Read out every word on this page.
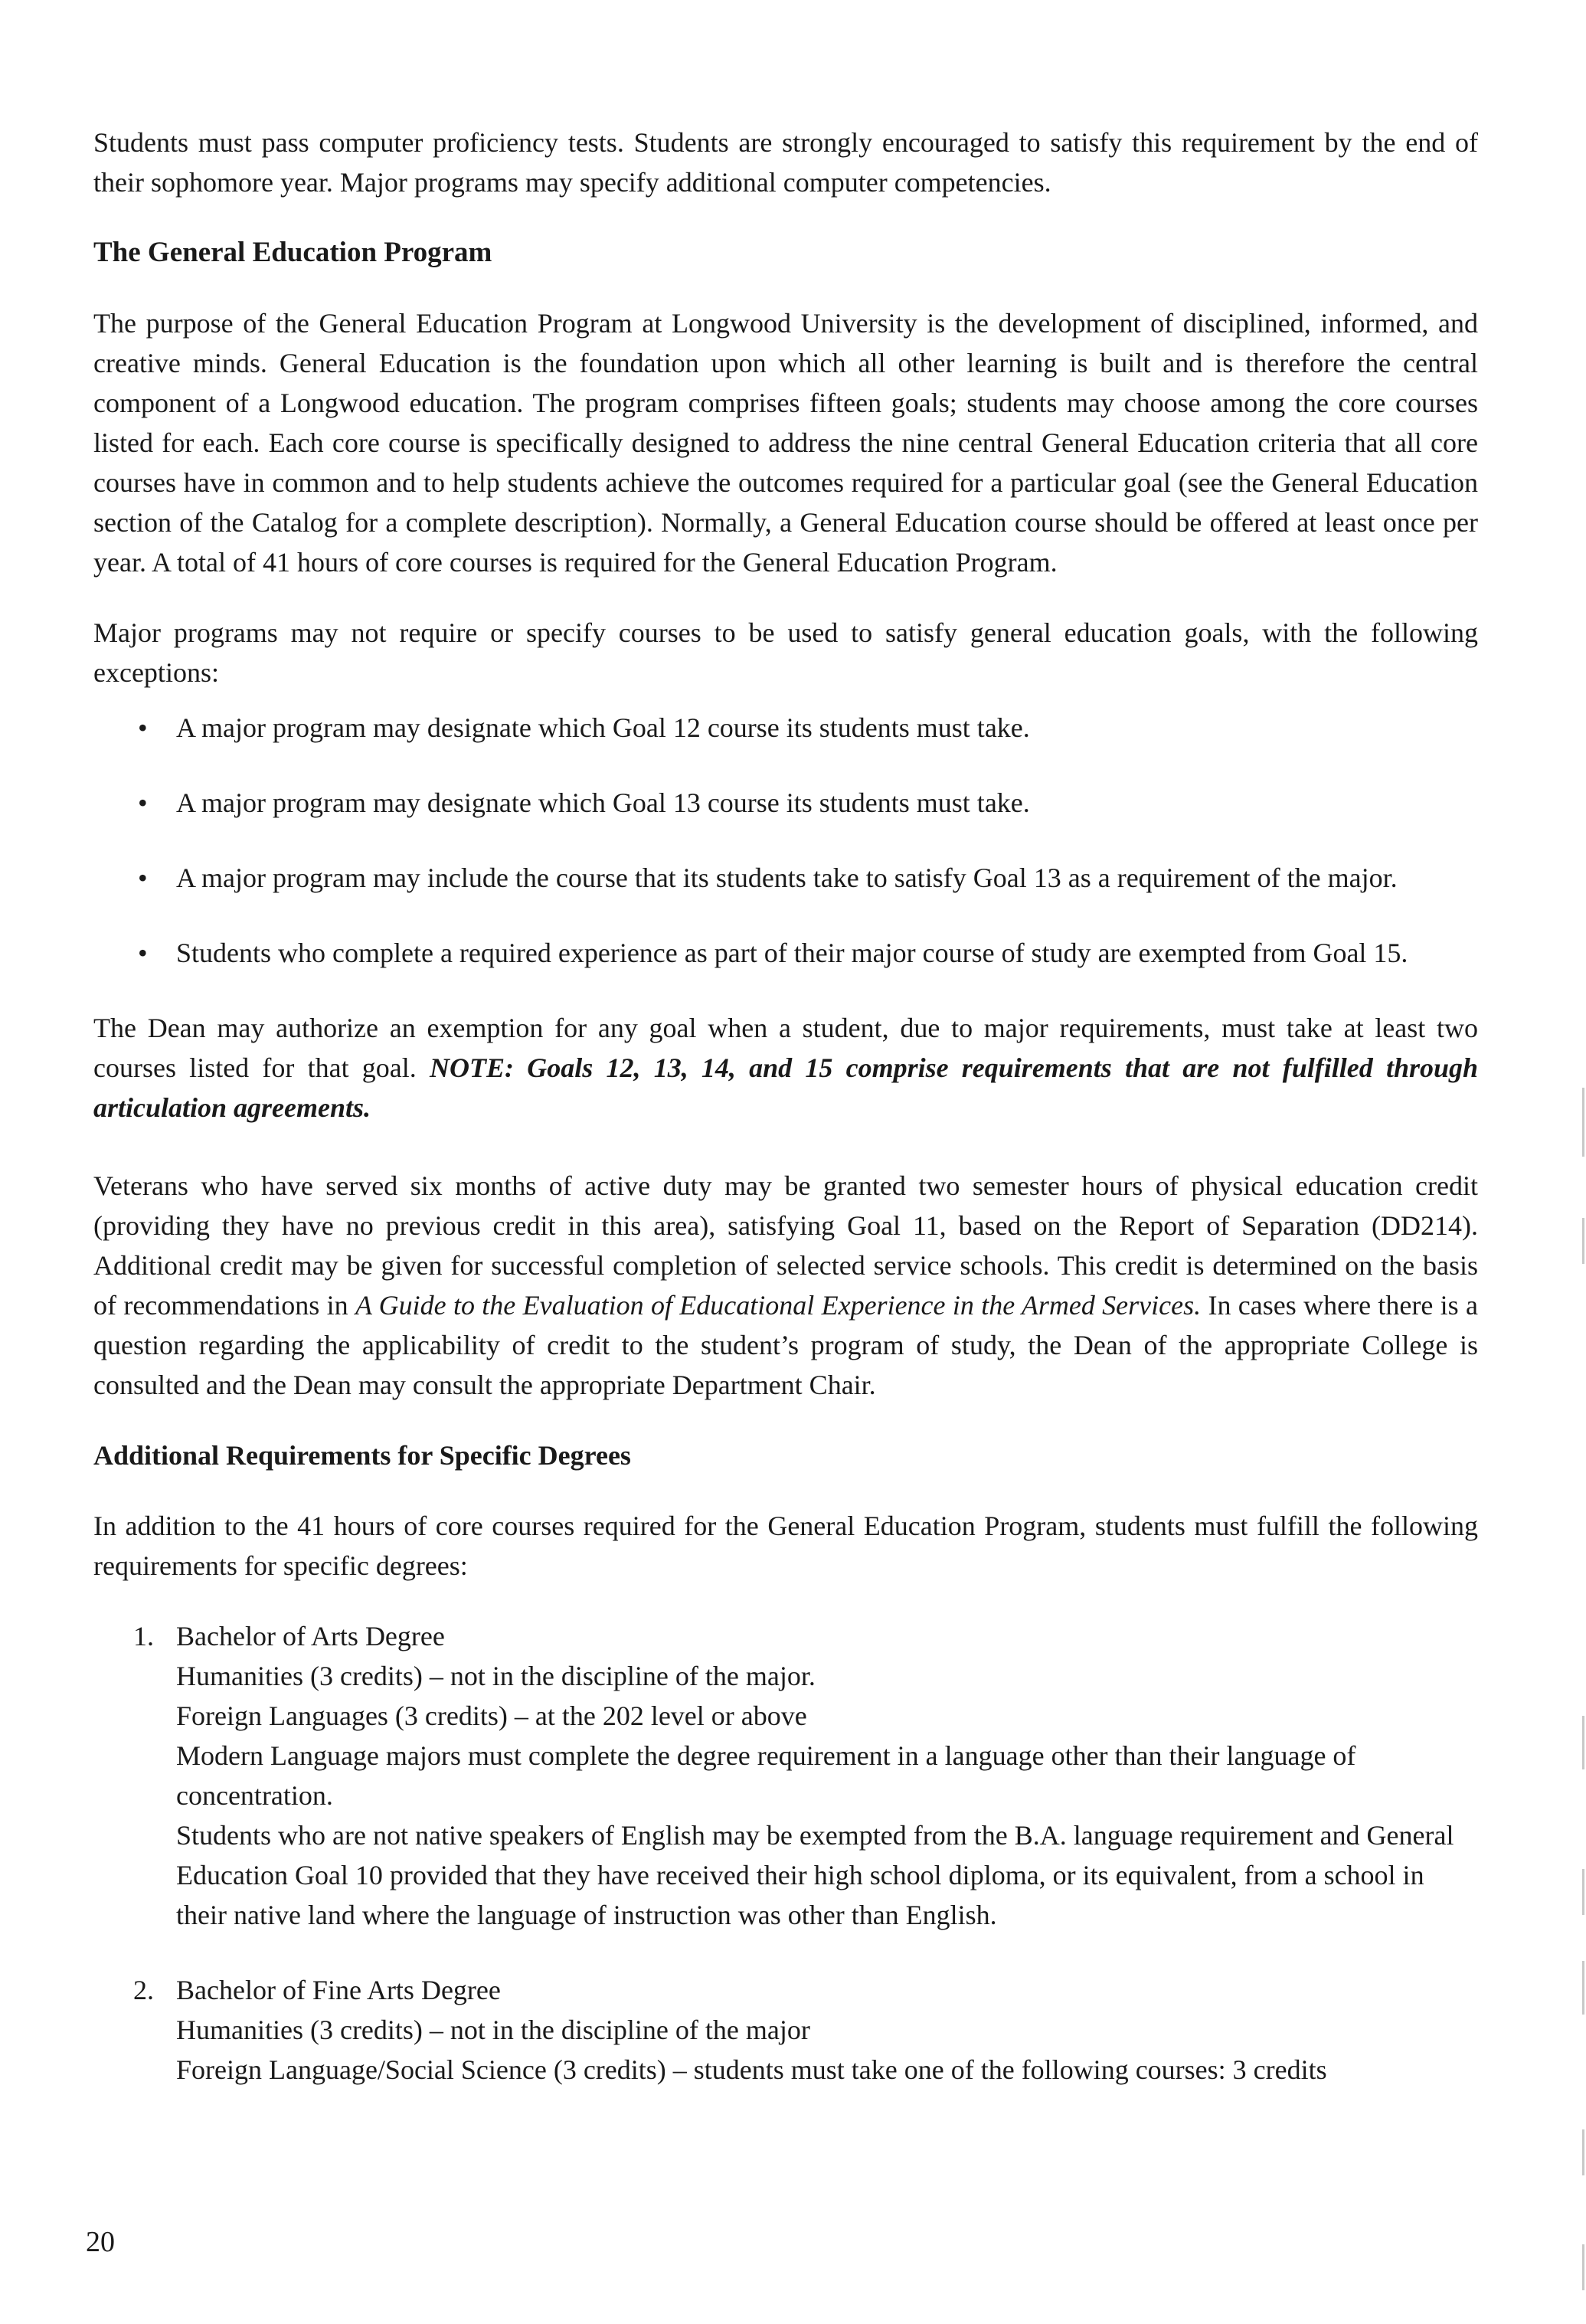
Students must pass computer proficiency tests. Students are strongly encouraged to satisfy this requirement by the end of their sophomore year. Major programs may specify additional computer competencies.

The General Education Program

The purpose of the General Education Program at Longwood University is the development of disciplined, informed, and creative minds. General Education is the foundation upon which all other learning is built and is therefore the central component of a Longwood education. The program comprises fifteen goals; students may choose among the core courses listed for each. Each core course is specifically designed to address the nine central General Education criteria that all core courses have in common and to help students achieve the outcomes required for a particular goal (see the General Education section of the Catalog for a complete description). Normally, a General Education course should be offered at least once per year. A total of 41 hours of core courses is required for the General Education Program.

Major programs may not require or specify courses to be used to satisfy general education goals, with the following exceptions:

• A major program may designate which Goal 12 course its students must take.
• A major program may designate which Goal 13 course its students must take.
• A major program may include the course that its students take to satisfy Goal 13 as a requirement of the major.
• Students who complete a required experience as part of their major course of study are exempted from Goal 15.

The Dean may authorize an exemption for any goal when a student, due to major requirements, must take at least two courses listed for that goal. NOTE: Goals 12, 13, 14, and 15 comprise requirements that are not fulfilled through articulation agreements.

Veterans who have served six months of active duty may be granted two semester hours of physical education credit (providing they have no previous credit in this area), satisfying Goal 11, based on the Report of Separation (DD214). Additional credit may be given for successful completion of selected service schools. This credit is determined on the basis of recommendations in A Guide to the Evaluation of Educational Experience in the Armed Services. In cases where there is a question regarding the applicability of credit to the student’s program of study, the Dean of the appropriate College is consulted and the Dean may consult the appropriate Department Chair.

Additional Requirements for Specific Degrees

In addition to the 41 hours of core courses required for the General Education Program, students must fulfill the following requirements for specific degrees:

1. Bachelor of Arts Degree
Humanities (3 credits) – not in the discipline of the major.
Foreign Languages (3 credits) – at the 202 level or above
Modern Language majors must complete the degree requirement in a language other than their language of concentration.
Students who are not native speakers of English may be exempted from the B.A. language requirement and General Education Goal 10 provided that they have received their high school diploma, or its equivalent, from a school in their native land where the language of instruction was other than English.
2. Bachelor of Fine Arts Degree
Humanities (3 credits) – not in the discipline of the major
Foreign Language/Social Science (3 credits) – students must take one of the following courses: 3 credits
20
